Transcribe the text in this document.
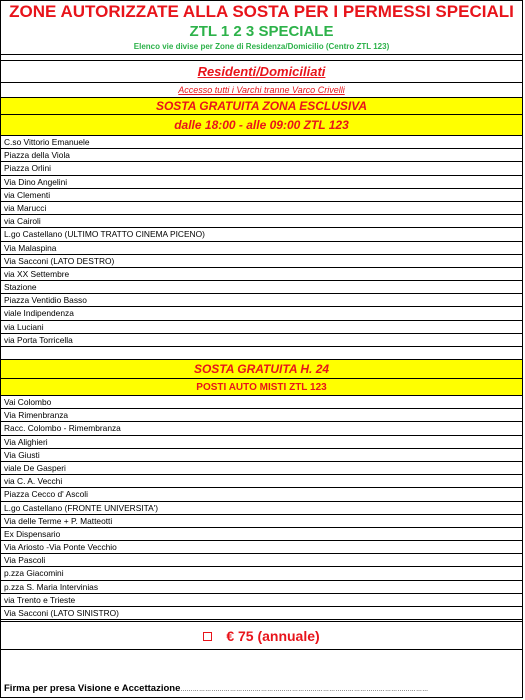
ZONE AUTORIZZATE ALLA SOSTA PER I PERMESSI SPECIALI
ZTL 1 2 3 SPECIALE
Elenco vie divise per Zone di Residenza/Domicilio (Centro ZTL 123)
Residenti/Domiciliati
Accesso tutti i Varchi tranne Varco Crivelli
SOSTA GRATUITA ZONA ESCLUSIVA
dalle 18:00 - alle 09:00 ZTL 123
C.so Vittorio Emanuele
Piazza della Viola
Piazza Orlini
Via Dino Angelini
via Clementi
via Marucci
via Cairoli
L.go Castellano (ULTIMO TRATTO CINEMA PICENO)
Via Malaspina
Via Sacconi (LATO DESTRO)
via XX Settembre
Stazione
Piazza Ventidio Basso
viale Indipendenza
via Luciani
via Porta Torricella
SOSTA GRATUITA H. 24
POSTI AUTO MISTI ZTL 123
Vai Colombo
Via Rimenbranza
Racc. Colombo - Rimembranza
Via Alighieri
Via Giusti
viale De Gasperi
via C. A. Vecchi
Piazza Cecco d' Ascoli
L.go Castellano (FRONTE UNIVERSITA')
Via delle Terme + P. Matteotti
Ex Dispensario
Via Ariosto -Via Ponte Vecchio
Via Pascoli
p.zza Giacomini
p.zza S. Maria Intervinias
via Trento e Trieste
Via Sacconi (LATO SINISTRO)
€ 75 (annuale)
Firma per presa Visione e Accettazione…………………………………………………………………………………………………………
